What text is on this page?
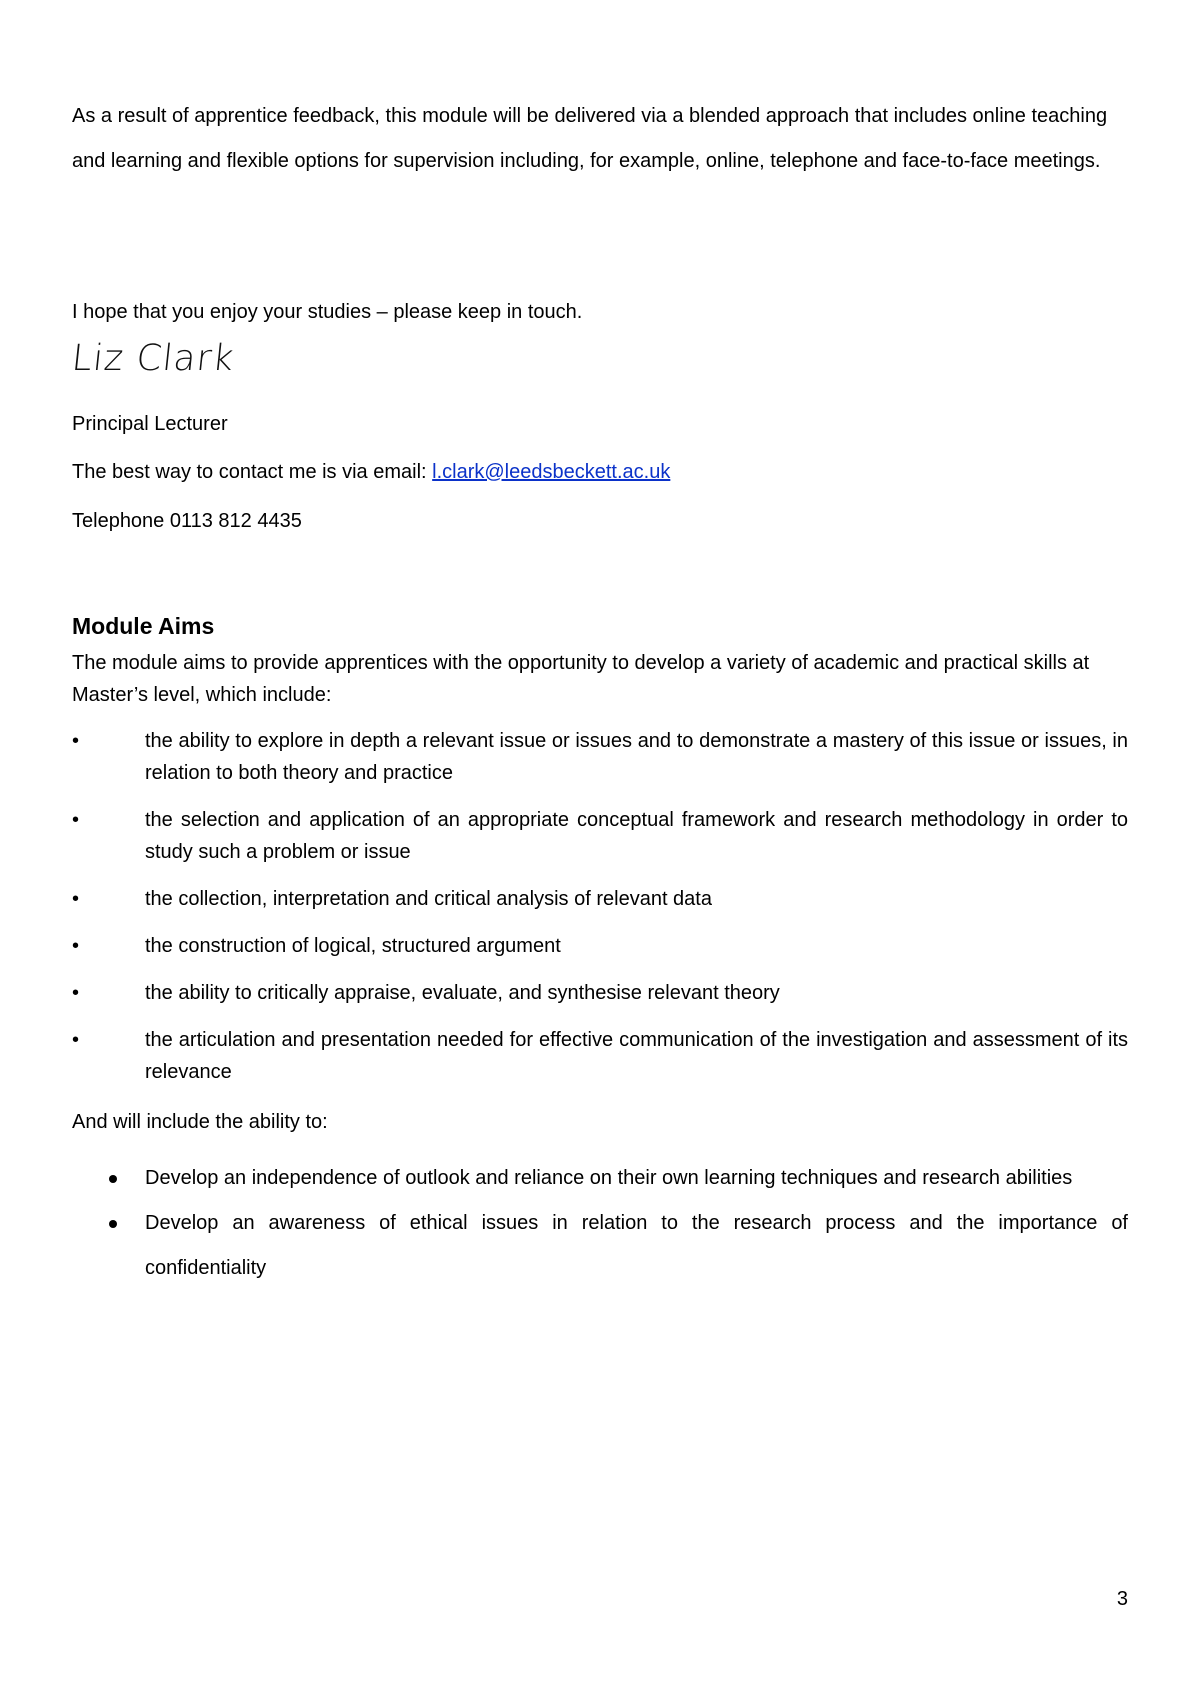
As a result of apprentice feedback, this module will be delivered via a blended approach that includes online teaching and learning and flexible options for supervision including, for example, online, telephone and face-to-face meetings.

I hope that you enjoy your studies – please keep in touch.

Liz Clark

Principal Lecturer

The best way to contact me is via email: l.clark@leedsbeckett.ac.uk

Telephone 0113 812 4435

Module Aims

The module aims to provide apprentices with the opportunity to develop a variety of academic and practical skills at Master’s level, which include:

•	the ability to explore in depth a relevant issue or issues and to demonstrate a mastery of this issue or issues, in relation to both theory and practice
•	the selection and application of an appropriate conceptual framework and research methodology in order to study such a problem or issue
•	the collection, interpretation and critical analysis of relevant data
•	the construction of logical, structured argument
•	the ability to critically appraise, evaluate, and synthesise relevant theory
•	the articulation and presentation needed for effective communication of the investigation and assessment of its relevance

And will include the ability to:

Develop an independence of outlook and reliance on their own learning techniques and research abilities
Develop an awareness of ethical issues in relation to the research process and the importance of confidentiality
3
